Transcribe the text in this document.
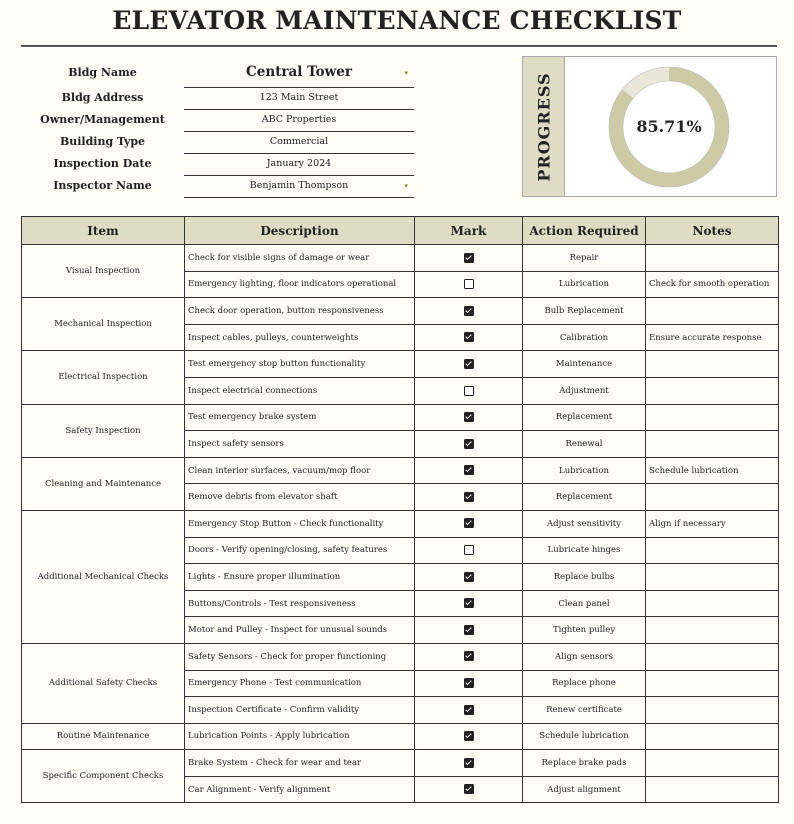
ELEVATOR MAINTENANCE CHECKLIST
Bldg Name	Central Tower	▾
Bldg Address	123 Main Street
Owner/Management	ABC Properties
Building Type	Commercial
Inspection Date	January 2024
Inspector Name	Benjamin Thompson	▾
PROGRESS	85.71%
Item	Description	Mark	Action Required	Notes
Visual Inspection	Check for visible signs of damage or wear		Repair	
	Emergency lighting, floor indicators operational		Lubrication	Check for smooth operation
Mechanical Inspection	Check door operation, button responsiveness		Bulb Replacement	
	Inspect cables, pulleys, counterweights		Calibration	Ensure accurate response
Electrical Inspection	Test emergency stop button functionality		Maintenance	
	Inspect electrical connections		Adjustment	
Safety Inspection	Test emergency brake system		Replacement	
	Inspect safety sensors		Renewal	
Cleaning and Maintenance	Clean interior surfaces, vacuum/mop floor		Lubrication	Schedule lubrication
	Remove debris from elevator shaft		Replacement	
Additional Mechanical Checks	Emergency Stop Button - Check functionality		Adjust sensitivity	Align if necessary
	Doors - Verify opening/closing, safety features		Lubricate hinges	
	Lights - Ensure proper illumination		Replace bulbs	
	Buttons/Controls - Test responsiveness		Clean panel	
	Motor and Pulley - Inspect for unusual sounds		Tighten pulley	
Additional Safety Checks	Safety Sensors - Check for proper functioning		Align sensors	
	Emergency Phone - Test communication		Replace phone	
	Inspection Certificate - Confirm validity		Renew certificate	
Routine Maintenance	Lubrication Points - Apply lubrication		Schedule lubrication	
Specific Component Checks	Brake System - Check for wear and tear		Replace brake pads	
	Car Alignment - Verify alignment		Adjust alignment	
